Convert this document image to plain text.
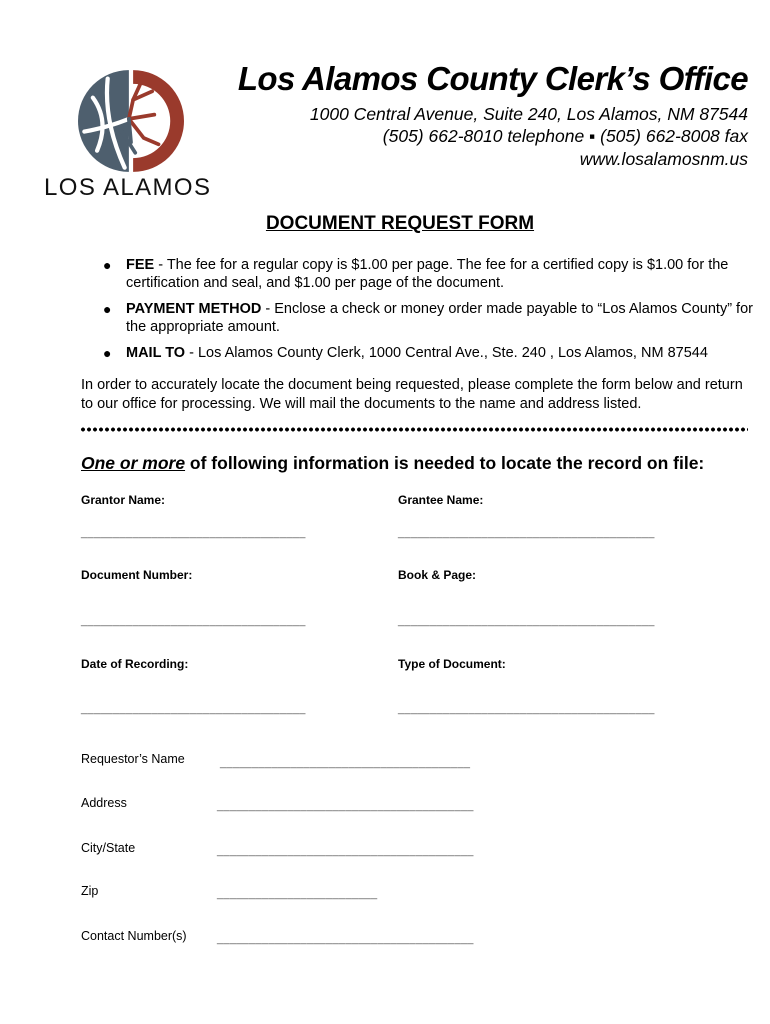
LOS ALAMOS
Los Alamos County Clerk’s Office
1000 Central Avenue, Suite 240, Los Alamos, NM 87544
(505) 662-8010 telephone ▪ (505) 662-8008 fax
www.losalamosnm.us
DOCUMENT REQUEST FORM
● FEE - The fee for a regular copy is $1.00 per page. The fee for a certified copy is $1.00 for the certification and seal, and $1.00 per page of the document.
● PAYMENT METHOD - Enclose a check or money order made payable to “Los Alamos County” for the appropriate amount.
● MAIL TO - Los Alamos County Clerk, 1000 Central Ave., Ste. 240 , Los Alamos, NM 87544
In order to accurately locate the document being requested, please complete the form below and return to our office for processing. We will mail the documents to the name and address listed.
One or more of following information is needed to locate the record on file:
Grantor Name:	Grantee Name:
___________________________________	________________________________________
Document Number:	Book & Page:
___________________________________	________________________________________
Date of Recording:	Type of Document:
___________________________________	________________________________________
Requestor’s Name	_______________________________________
Address	________________________________________
City/State	________________________________________
Zip	_________________________
Contact Number(s)	________________________________________
